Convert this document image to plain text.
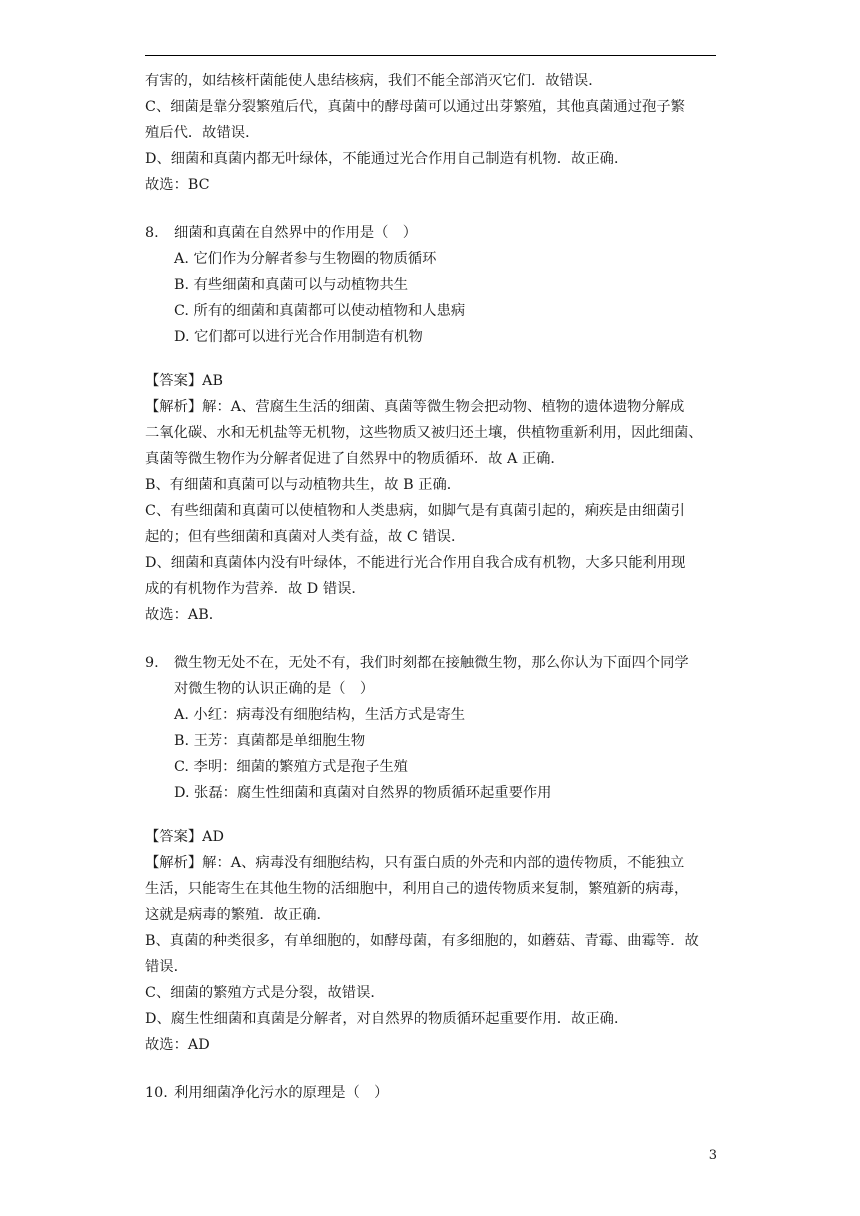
有害的，如结核杆菌能使人患结核病，我们不能全部消灭它们．故错误．
C、细菌是靠分裂繁殖后代，真菌中的酵母菌可以通过出芽繁殖，其他真菌通过孢子繁
殖后代．故错误．
D、细菌和真菌内都无叶绿体，不能通过光合作用自己制造有机物．故正确．
故选：BC
8. 细菌和真菌在自然界中的作用是（　）
A. 它们作为分解者参与生物圈的物质循环
B. 有些细菌和真菌可以与动植物共生
C. 所有的细菌和真菌都可以使动植物和人患病
D. 它们都可以进行光合作用制造有机物
【答案】AB
【解析】解：A、营腐生生活的细菌、真菌等微生物会把动物、植物的遗体遗物分解成
二氧化碳、水和无机盐等无机物，这些物质又被归还土壤，供植物重新利用，因此细菌、
真菌等微生物作为分解者促进了自然界中的物质循环．故 A 正确．
B、有细菌和真菌可以与动植物共生，故 B 正确．
C、有些细菌和真菌可以使植物和人类患病，如脚气是有真菌引起的，痢疾是由细菌引
起的；但有些细菌和真菌对人类有益，故 C 错误．
D、细菌和真菌体内没有叶绿体，不能进行光合作用自我合成有机物，大多只能利用现
成的有机物作为营养．故 D 错误．
故选：AB．
9. 微生物无处不在，无处不有，我们时刻都在接触微生物，那么你认为下面四个同学
对微生物的认识正确的是（　）
A. 小红：病毒没有细胞结构，生活方式是寄生
B. 王芳：真菌都是单细胞生物
C. 李明：细菌的繁殖方式是孢子生殖
D. 张磊：腐生性细菌和真菌对自然界的物质循环起重要作用
【答案】AD
【解析】解：A、病毒没有细胞结构，只有蛋白质的外壳和内部的遗传物质，不能独立
生活，只能寄生在其他生物的活细胞中，利用自己的遗传物质来复制，繁殖新的病毒，
这就是病毒的繁殖．故正确．
B、真菌的种类很多，有单细胞的，如酵母菌，有多细胞的，如蘑菇、青霉、曲霉等．故
错误．
C、细菌的繁殖方式是分裂，故错误．
D、腐生性细菌和真菌是分解者，对自然界的物质循环起重要作用．故正确．
故选：AD
10. 利用细菌净化污水的原理是（　）
3
